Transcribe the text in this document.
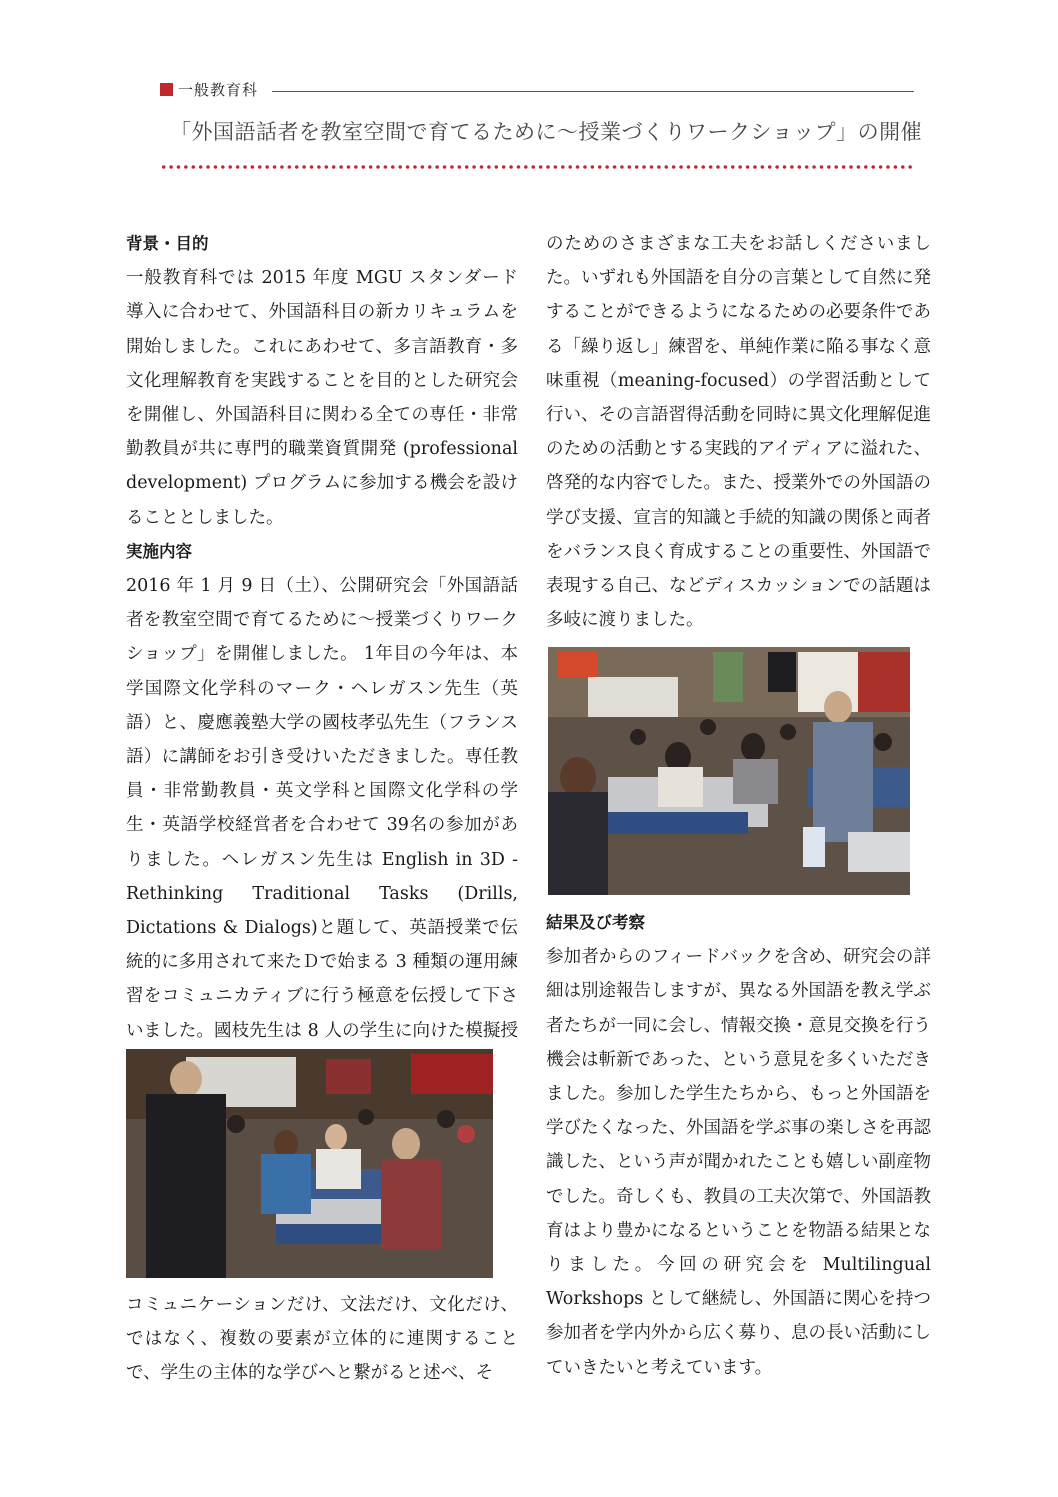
一般教育科
「外国語話者を教室空間で育てるために～授業づくりワークショップ」の開催

背景・目的

一般教育科では 2015 年度 MGU スタンダード導入に合わせて、外国語科目の新カリキュラムを開始しました。これにあわせて、多言語教育・多文化理解教育を実践することを目的とした研究会を開催し、外国語科目に関わる全ての専任・非常勤教員が共に専門的職業資質開発 (professional development) プログラムに参加する機会を設けることとしました。

実施内容

2016 年 1 月 9 日（土）、公開研究会「外国語話者を教室空間で育てるために～授業づくりワークショップ」を開催しました。 1年目の今年は、本学国際文化学科のマーク・ヘレガスン先生（英語）と、慶應義塾大学の國枝孝弘先生（フランス語）に講師をお引き受けいただきました。専任教員・非常勤教員・英文学科と国際文化学科の学生・英語学校経営者を合わせて 39名の参加がありました。ヘレガスン先生は English in 3D - Rethinking Traditional Tasks (Drills, Dictations & Dialogs)と題して、英語授業で伝統的に多用されて来たＤで始まる 3 種類の運用練習をコミュニカティブに行う極意を伝授して下さいました。國枝先生は 8 人の学生に向けた模擬授

コミュニケーションだけ、文法だけ、文化だけ、ではなく、複数の要素が立体的に連関することで、学生の主体的な学びへと繋がると述べ、そ

のためのさまざまな工夫をお話しくださいました。いずれも外国語を自分の言葉として自然に発することができるようになるための必要条件である「繰り返し」練習を、単純作業に陥る事なく意味重視（meaning-focused）の学習活動として行い、その言語習得活動を同時に異文化理解促進のための活動とする実践的アイディアに溢れた、啓発的な内容でした。また、授業外での外国語の学び支援、宣言的知識と手続的知識の関係と両者をバランス良く育成することの重要性、外国語で表現する自己、などディスカッションでの話題は多岐に渡りました。

結果及び考察

参加者からのフィードバックを含め、研究会の詳細は別途報告しますが、異なる外国語を教え学ぶ者たちが一同に会し、情報交換・意見交換を行う機会は斬新であった、という意見を多くいただきました。参加した学生たちから、もっと外国語を学びたくなった、外国語を学ぶ事の楽しさを再認識した、という声が聞かれたことも嬉しい副産物でした。奇しくも、教員の工夫次第で、外国語教育はより豊かになるということを物語る結果となりました。今回の研究会を Multilingual Workshops として継続し、外国語に関心を持つ参加者を学内外から広く募り、息の長い活動にしていきたいと考えています。
